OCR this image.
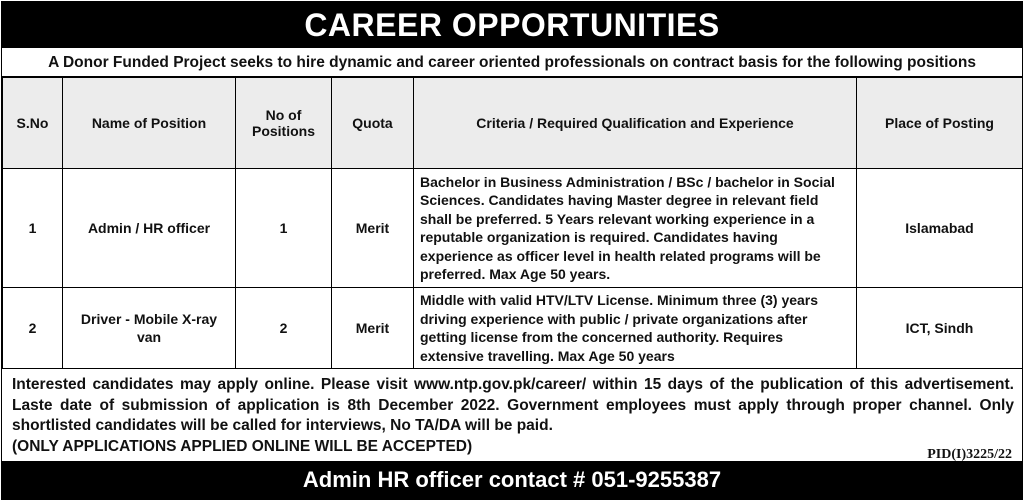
CAREER OPPORTUNITIES
A Donor Funded Project seeks to hire dynamic and career oriented professionals on contract basis for the following positions
S.No	Name of Position	No of Positions	Quota	Criteria / Required Qualification and Experience	Place of Posting
1	Admin / HR officer	1	Merit	Bachelor in Business Administration / BSc / bachelor in Social Sciences. Candidates having Master degree in relevant field shall be preferred. 5 Years relevant working experience in a reputable organization is required. Candidates having experience as officer level in health related programs will be preferred. Max Age 50 years.	Islamabad
2	Driver - Mobile X-ray van	2	Merit	Middle with valid HTV/LTV License. Minimum three (3) years driving experience with public / private organizations after getting license from the concerned authority. Requires extensive travelling. Max Age 50 years	ICT, Sindh
Interested candidates may apply online. Please visit www.ntp.gov.pk/career/ within 15 days of the publication of this advertisement. Laste date of submission of application is 8th December 2022. Government employees must apply through proper channel. Only shortlisted candidates will be called for interviews, No TA/DA will be paid.
(ONLY APPLICATIONS APPLIED ONLINE WILL BE ACCEPTED)	PID(I)3225/22
Admin HR officer contact # 051-9255387
